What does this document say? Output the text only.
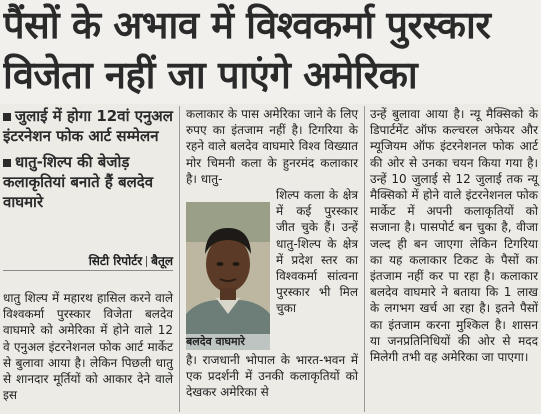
पैंसों के अभाव में विश्वकर्मा पुरस्कार
विजेता नहीं जा पाएंगे अमेरिका
जुलाई में होगा 12वां एनुअल इंटरनेशन फोक आर्ट सम्मेलन
धातु-शिल्प की बेजोड़ कलाकृतियां बनाते हैं बलदेव वाघमारे
सिटी रिपोर्टर बैतूल

धातु शिल्प में महारथ हासिल करने वाले विश्वकर्मा पुरस्कार विजेता बलदेव वाघमारे को अमेरिका में होने वाले 12 वे एनुअल इंटरनेशनल फोक आर्ट मार्केट से बुलावा आया है। लेकिन पिछली धातु से शानदार मूर्तियों को आकार देने वाले इस

कलाकार के पास अमेरिका जाने के लिए रुपए का इंतजाम नहीं है। टिगरिया के रहने वाले बलदेव वाघमारे विश्व विख्यात मोर चिमनी कला के हुनरमंद कलाकार है। धातु-

बलदेव वाघमारे

शिल्प कला के क्षेत्र में कई पुरस्कार जीत चुके हैं। उन्हें धातु-शिल्प के क्षेत्र में प्रदेश स्तर का विश्वकर्मा सांत्वना पुरस्कार भी मिल चुका

है। राजधानी भोपाल के भारत-भवन में एक प्रदर्शनी में उनकी कलाकृतियों को देखकर अमेरिका से

उन्हें बुलावा आया है। न्यू मैक्सिको के डिपार्टमेंट ऑफ कल्चरल अफेयर और म्यूजियम ऑफ इंटरनेशनल फोक आर्ट की ओर से उनका चयन किया गया है। उन्हें 10 जुलाई से 12 जुलाई तक न्यू मैक्सिको में होने वाले इंटरनेशनल फोक मार्केट में अपनी कलाकृतियों को सजाना है। पासपोर्ट बन चुका है, वीजा जल्द ही बन जाएगा लेकिन टिगरिया का यह कलाकार टिकट के पैसों का इंतजाम नहीं कर पा रहा है। कलाकार बलदेव वाघमारे ने बताया कि 1 लाख के लगभग खर्च आ रहा है। इतने पैसों का इंतजाम करना मुश्किल है। शासन या जनप्रतिनिधियों की ओर से मदद मिलेगी तभी वह अमेरिका जा पाएगा।
